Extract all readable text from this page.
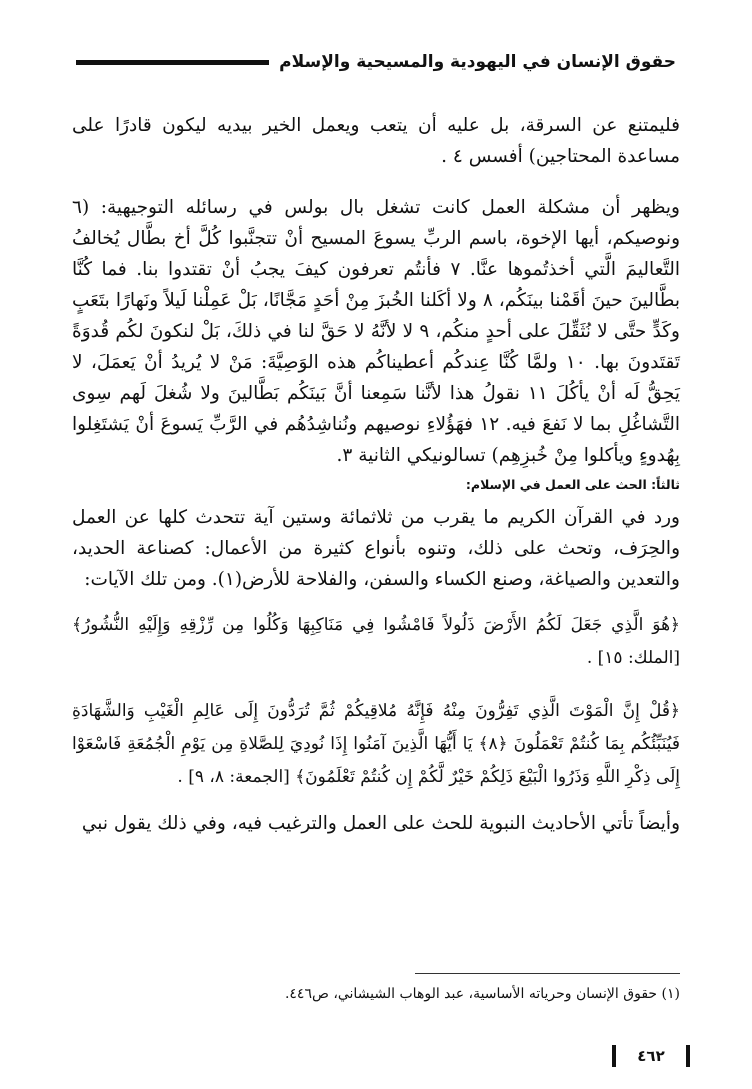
حقوق الإنسان في اليهودية والمسيحية والإسلام

فليمتنع عن السرقة، بل عليه أن يتعب ويعمل الخير بيديه ليكون قادرًا على مساعدة المحتاجين) أفسس ٤ .

ويظهر أن مشكلة العمل كانت تشغل بال بولس في رسائله التوجيهية: (٦ ونوصيكم، أيها الإخوة، باسم الربِّ يسوعَ المسيح أنْ تتجنَّبوا كُلَّ أخ بطَّال يُخالفُ التَّعاليمَ الَّتي أخذتُموها عنَّا. ٧ فأنتُم تعرفون كيفَ يجبُ أنْ تقتدوا بنا. فما كُنَّا بطَّالينَ حينَ أقَمْنا بينَكُم، ٨ ولا أكَلنا الخُبزَ مِنْ أحَدٍ مَجَّانًا، بَلْ عَمِلْنا لَيلاً ونَهارًا بتَعَبٍ وكَدٍّ حتَّى لا نُثَقِّلَ على أحدٍ منكُم، ٩ لا لأنَّهُ لا حَقَّ لنا في ذلكَ، بَلْ لنكونَ لكُم قُدوَةً تَقتَدونَ بها. ١٠ ولمَّا كُنَّا عِندكُم أعطيناكُم هذه الوَصِيَّةَ: مَنْ لا يُريدُ أنْ يَعمَلَ، لا يَحِقُّ لَه أنْ يأكُلَ ١١ نقولُ هذا لأنَّنا سَمِعنا أنَّ بَينَكُم بَطَّالينَ ولا شُغلَ لَهم سِوى التَّشاغُلِ بما لا نَفعَ فيه. ١٢ فهَؤُلاءِ نوصيهم ونُناشِدُهُم في الرَّبِّ يَسوعَ أنْ يَشتَغِلوا بِهُدوءٍ ويأكلوا مِنْ خُبزِهِم) تسالونيكي الثانية ٣.

ثالثاً: الحث على العمل في الإسلام:

ورد في القرآن الكريم ما يقرب من ثلاثمائة وستين آية تتحدث كلها عن العمل والحِرَف، وتحث على ذلك، وتنوه بأنواع كثيرة من الأعمال: كصناعة الحديد، والتعدين والصياغة، وصنع الكساء والسفن، والفلاحة للأرض(١). ومن تلك الآيات:

﴿هُوَ الَّذِي جَعَلَ لَكُمُ الأَرْضَ ذَلُولاً فَامْشُوا فِي مَنَاكِبِهَا وَكُلُوا مِن رِّزْقِهِ وَإِلَيْهِ النُّشُورُ﴾ [الملك: ١٥] .

﴿قُلْ إِنَّ الْمَوْتَ الَّذِي تَفِرُّونَ مِنْهُ فَإِنَّهُ مُلاقِيكُمْ ثُمَّ تُرَدُّونَ إِلَى عَالِمِ الْغَيْبِ وَالشَّهَادَةِ فَيُنَبِّئُكُم بِمَا كُنتُمْ تَعْمَلُونَ ﴿٨﴾ يَا أَيُّهَا الَّذِينَ آمَنُوا إِذَا نُودِيَ لِلصَّلاةِ مِن يَوْمِ الْجُمُعَةِ فَاسْعَوْا إِلَى ذِكْرِ اللَّهِ وَذَرُوا الْبَيْعَ ذَلِكُمْ خَيْرٌ لَّكُمْ إِن كُنتُمْ تَعْلَمُونَ﴾ [الجمعة: ٨، ٩] .

وأيضاً تأتي الأحاديث النبوية للحث على العمل والترغيب فيه، وفي ذلك يقول نبي

(١) حقوق الإنسان وحرياته الأساسية، عبد الوهاب الشيشاني، ص٤٤٦.

٤٦٢
